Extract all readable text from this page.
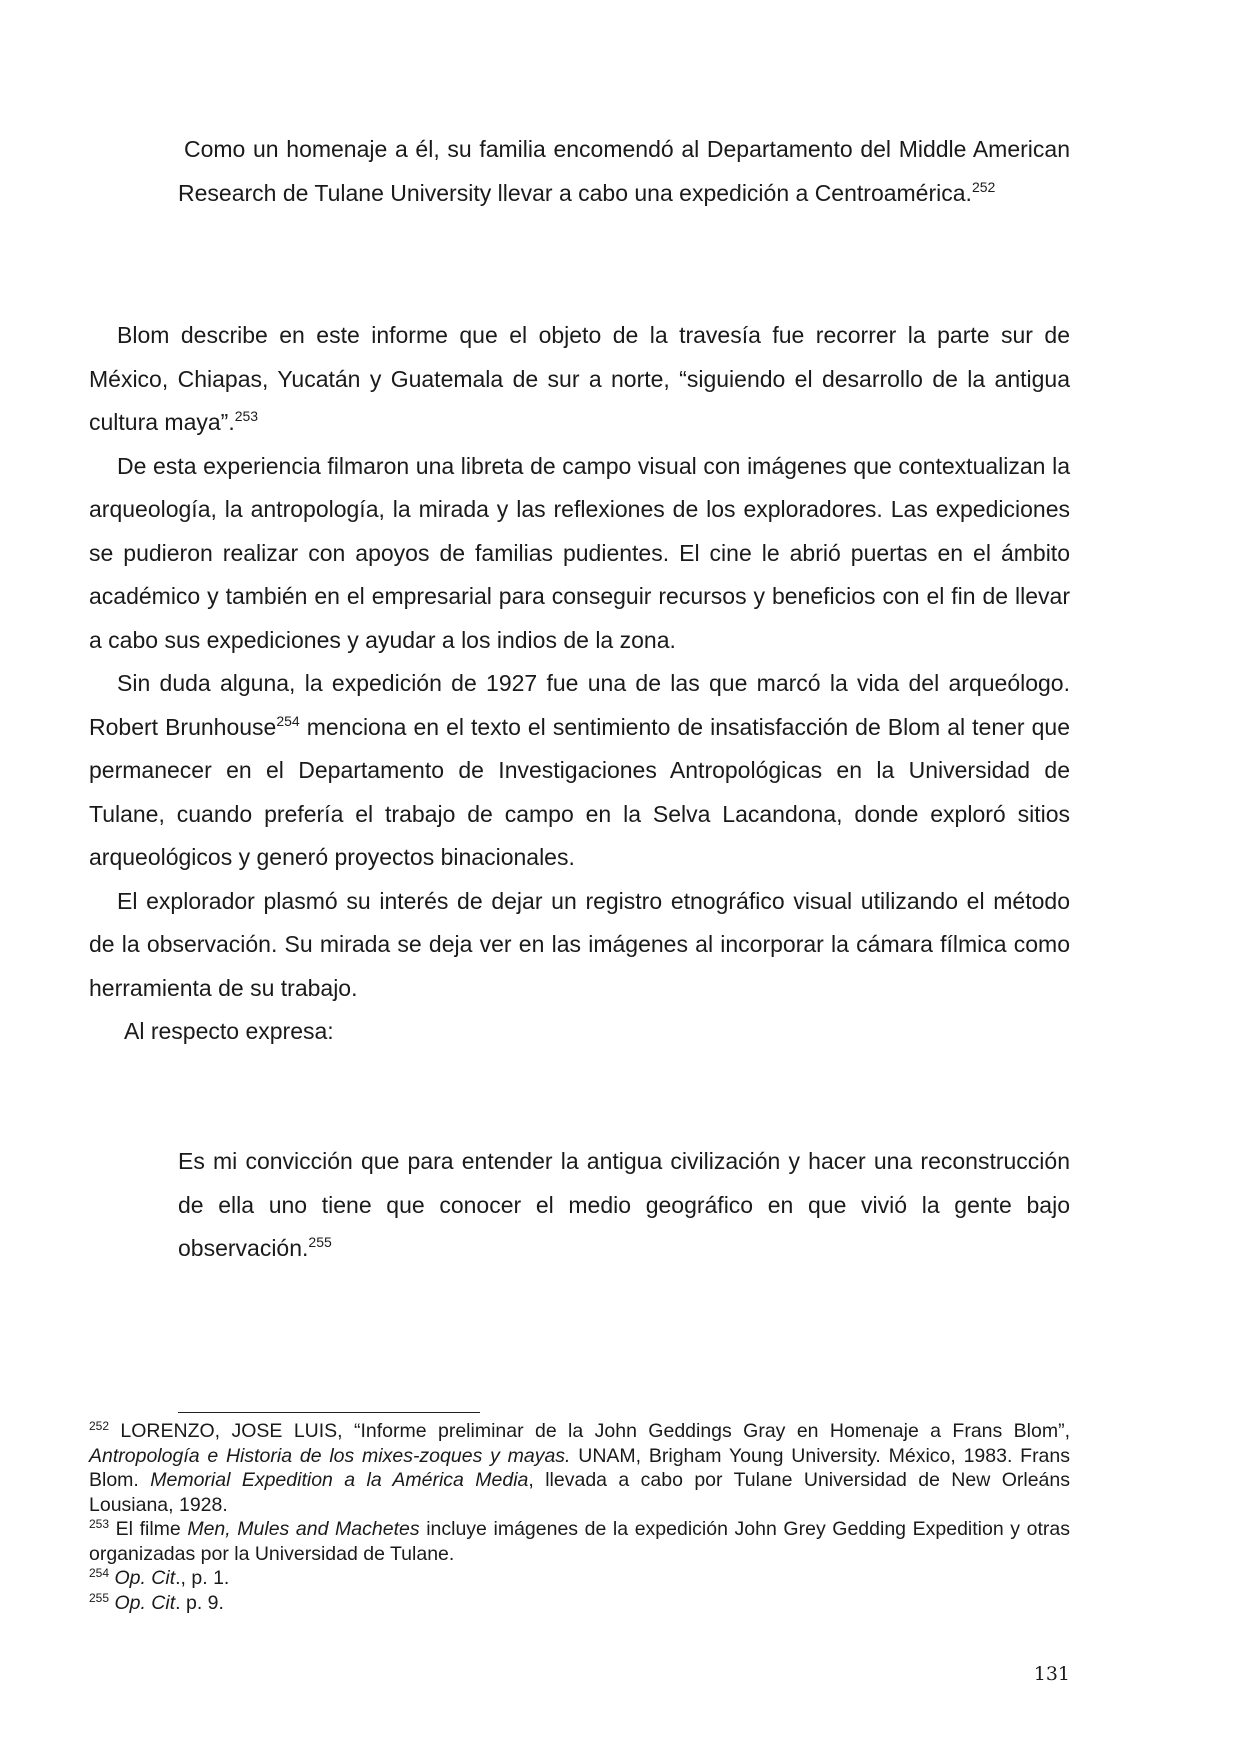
Como un homenaje a él, su familia encomendó al Departamento del Middle American Research de Tulane University llevar a cabo una expedición a Centroamérica.$^{252}$

Blom describe en este informe que el objeto de la travesía fue recorrer la parte sur de México, Chiapas, Yucatán y Guatemala de sur a norte, “siguiendo el desarrollo de la antigua cultura maya”.$^{253}$

De esta experiencia filmaron una libreta de campo visual con imágenes que contextualizan la arqueología, la antropología, la mirada y las reflexiones de los exploradores. Las expediciones se pudieron realizar con apoyos de familias pudientes. El cine le abrió puertas en el ámbito académico y también en el empresarial para conseguir recursos y beneficios con el fin de llevar a cabo sus expediciones y ayudar a los indios de la zona.

Sin duda alguna, la expedición de 1927 fue una de las que marcó la vida del arqueólogo. Robert Brunhouse$^{254}$ menciona en el texto el sentimiento de insatisfacción de Blom al tener que permanecer en el Departamento de Investigaciones Antropológicas en la Universidad de Tulane, cuando prefería el trabajo de campo en la Selva Lacandona, donde exploró sitios arqueológicos y generó proyectos binacionales.

El explorador plasmó su interés de dejar un registro etnográfico visual utilizando el método de la observación. Su mirada se deja ver en las imágenes al incorporar la cámara fílmica como herramienta de su trabajo.

Al respecto expresa:

Es mi convicción que para entender la antigua civilización y hacer una reconstrucción de ella uno tiene que conocer el medio geográfico en que vivió la gente bajo observación.$^{255}$

$^{252}$ LORENZO, JOSE LUIS, “Informe preliminar de la John Geddings Gray en Homenaje a Frans Blom”, Antropología e Historia de los mixes-zoques y mayas. UNAM, Brigham Young University. México, 1983. Frans Blom. Memorial Expedition a la América Media, llevada a cabo por Tulane Universidad de New Orleáns Lousiana, 1928.

$^{253}$ El filme Men, Mules and Machetes incluye imágenes de la expedición John Grey Gedding Expedition y otras organizadas por la Universidad de Tulane.

$^{254}$ Op. Cit., p. 1.

$^{255}$ Op. Cit. p. 9.

131
